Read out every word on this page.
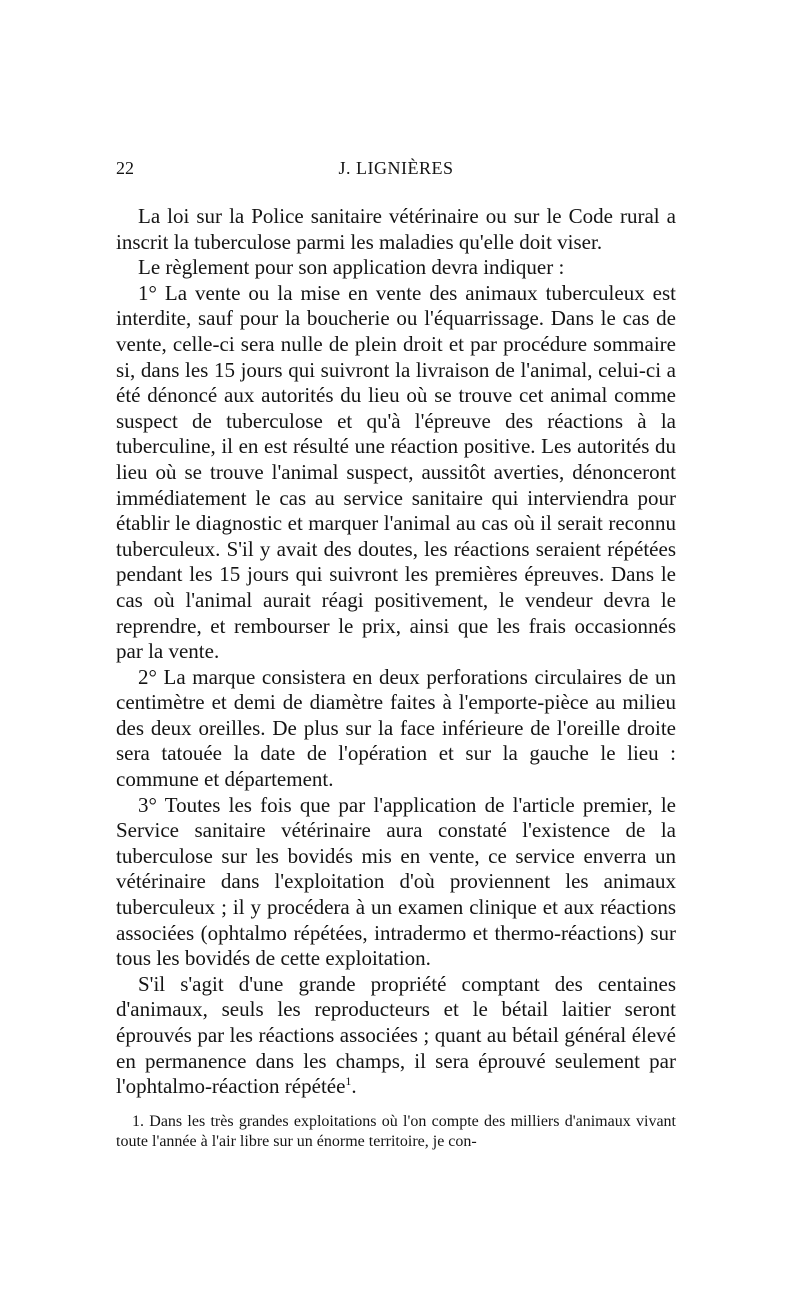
22	J. LIGNIÈRES

La loi sur la Police sanitaire vétérinaire ou sur le Code rural a inscrit la tuberculose parmi les maladies qu'elle doit viser.

Le règlement pour son application devra indiquer :

1° La vente ou la mise en vente des animaux tuberculeux est interdite, sauf pour la boucherie ou l'équarrissage. Dans le cas de vente, celle-ci sera nulle de plein droit et par procédure sommaire si, dans les 15 jours qui suivront la livraison de l'animal, celui-ci a été dénoncé aux autorités du lieu où se trouve cet animal comme suspect de tuberculose et qu'à l'épreuve des réactions à la tuberculine, il en est résulté une réaction positive. Les autorités du lieu où se trouve l'animal suspect, aussitôt averties, dénonceront immédiatement le cas au service sanitaire qui interviendra pour établir le diagnostic et marquer l'animal au cas où il serait reconnu tuberculeux. S'il y avait des doutes, les réactions seraient répétées pendant les 15 jours qui suivront les premières épreuves. Dans le cas où l'animal aurait réagi positivement, le vendeur devra le reprendre, et rembourser le prix, ainsi que les frais occasionnés par la vente.

2° La marque consistera en deux perforations circulaires de un centimètre et demi de diamètre faites à l'emporte-pièce au milieu des deux oreilles. De plus sur la face inférieure de l'oreille droite sera tatouée la date de l'opération et sur la gauche le lieu : commune et département.

3° Toutes les fois que par l'application de l'article premier, le Service sanitaire vétérinaire aura constaté l'existence de la tuberculose sur les bovidés mis en vente, ce service enverra un vétérinaire dans l'exploitation d'où proviennent les animaux tuberculeux ; il y procédera à un examen clinique et aux réactions associées (ophtalmo répétées, intradermo et thermo-réactions) sur tous les bovidés de cette exploitation.

S'il s'agit d'une grande propriété comptant des centaines d'animaux, seuls les reproducteurs et le bétail laitier seront éprouvés par les réactions associées ; quant au bétail général élevé en permanence dans les champs, il sera éprouvé seulement par l'ophtalmo-réaction répétée$^1$.

1. Dans les très grandes exploitations où l'on compte des milliers d'animaux vivant toute l'année à l'air libre sur un énorme territoire, je con-
